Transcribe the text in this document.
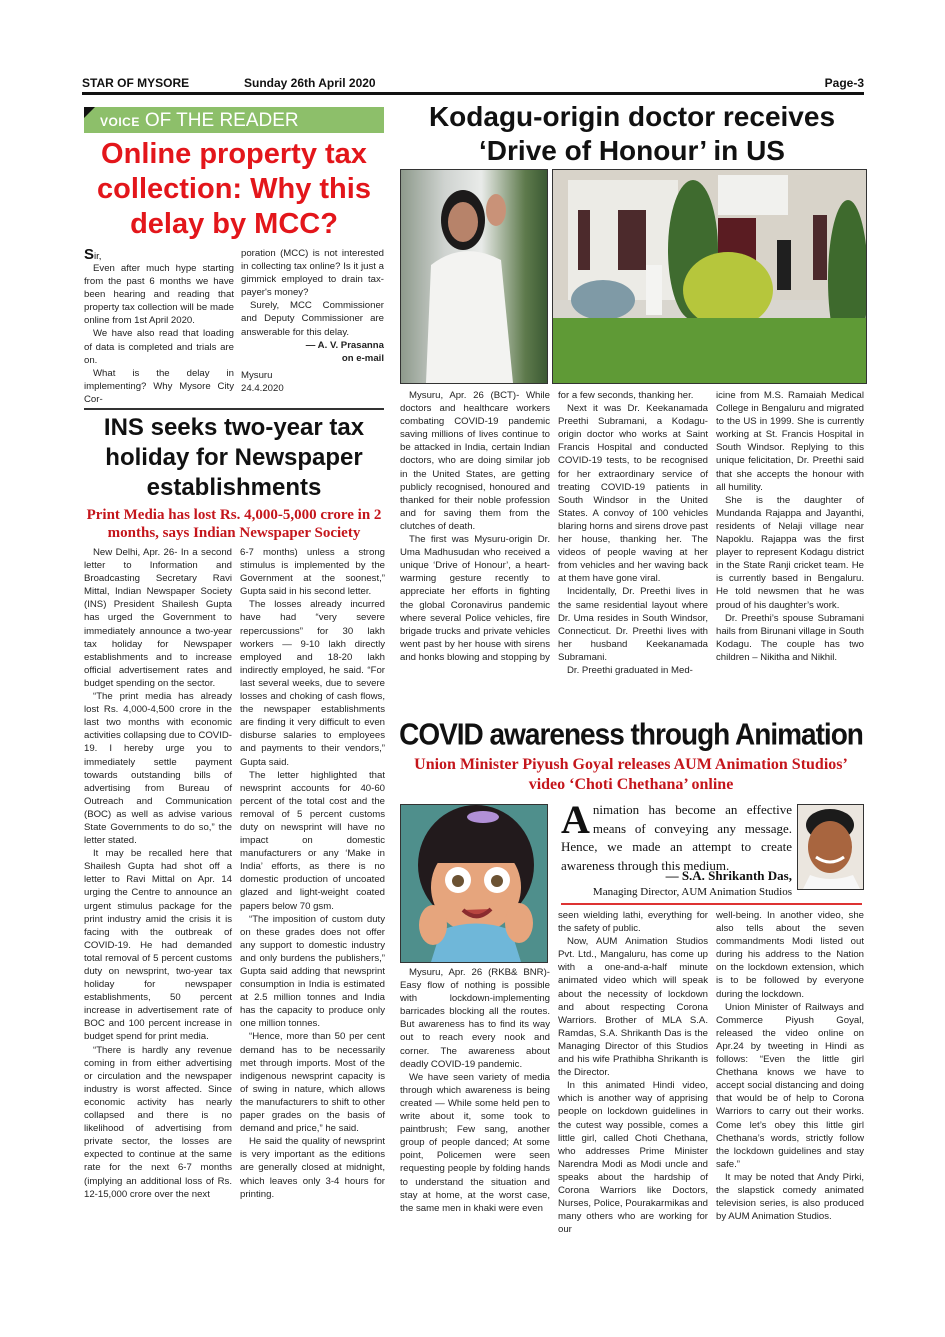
STAR OF MYSORE	Sunday 26th April 2020	Page-3
VOICE OF THE READER
Online property tax collection: Why this delay by MCC?
Sir,

Even after much hype starting from the past 6 months we have been hearing and reading that property tax collection will be made online from 1st April 2020.

We have also read that loading of data is completed and trials are on.

What is the delay in implementing? Why Mysore City Cor-

poration (MCC) is not interested in collecting tax online? Is it just a gimmick employed to drain tax-payer's money?

Surely, MCC Commissioner and Deputy Commissioner are answerable for this delay.

— A. V. Prasanna

on e-mail

Mysuru

24.4.2020

INS seeks two-year tax holiday for Newspaper establishments
Print Media has lost Rs. 4,000-5,000 crore in 2 months, says Indian Newspaper Society

New Delhi, Apr. 26- In a second letter to Information and Broadcasting Secretary Ravi Mittal, Indian Newspaper Society (INS) President Shailesh Gupta has urged the Government to immediately announce a two-year tax holiday for Newspaper establishments and to increase official advertisement rates and budget spending on the sector.

“The print media has already lost Rs. 4,000-4,500 crore in the last two months with economic activities collapsing due to COVID-19. I hereby urge you to immediately settle payment towards outstanding bills of advertising from Bureau of Outreach and Communication (BOC) as well as advise various State Governments to do so,” the letter stated.

It may be recalled here that Shailesh Gupta had shot off a letter to Ravi Mittal on Apr. 14 urging the Centre to announce an urgent stimulus package for the print industry amid the crisis it is facing with the outbreak of COVID-19. He had demanded total removal of 5 percent customs duty on newsprint, two-year tax holiday for newspaper establishments, 50 percent increase in advertisement rate of BOC and 100 percent increase in budget spend for print media.

“There is hardly any revenue coming in from either advertising or circulation and the newspaper industry is worst affected. Since economic activity has nearly collapsed and there is no likelihood of advertising from private sector, the losses are expected to continue at the same rate for the next 6-7 months (implying an additional loss of Rs. 12-15,000 crore over the next

6-7 months) unless a strong stimulus is implemented by the Government at the soonest,” Gupta said in his second letter.

The losses already incurred have had “very severe repercussions” for 30 lakh workers — 9-10 lakh directly employed and 18-20 lakh indirectly employed, he said. “For last several weeks, due to severe losses and choking of cash flows, the newspaper establishments are finding it very difficult to even disburse salaries to employees and payments to their vendors,” Gupta said.

The letter highlighted that newsprint accounts for 40-60 percent of the total cost and the removal of 5 percent customs duty on newsprint will have no impact on domestic manufacturers or any ‘Make in India’ efforts, as there is no domestic production of uncoated glazed and light-weight coated papers below 70 gsm.

“The imposition of custom duty on these grades does not offer any support to domestic industry and only burdens the publishers,” Gupta said adding that newsprint consumption in India is estimated at 2.5 million tonnes and India has the capacity to produce only one million tonnes.

“Hence, more than 50 per cent demand has to be necessarily met through imports. Most of the indigenous newsprint capacity is of swing in nature, which allows the manufacturers to shift to other paper grades on the basis of demand and price,” he said.

He said the quality of newsprint is very important as the editions are generally closed at midnight, which leaves only 3-4 hours for printing.

Kodagu-origin doctor receives ‘Drive of Honour’ in US

Mysuru, Apr. 26 (BCT)- While doctors and healthcare workers combating COVID-19 pandemic saving millions of lives continue to be attacked in India, certain Indian doctors, who are doing similar job in the United States, are getting publicly recognised, honoured and thanked for their noble profession and for saving them from the clutches of death.

The first was Mysuru-origin Dr. Uma Madhusudan who received a unique ‘Drive of Honour’, a heart-warming gesture recently to appreciate her efforts in fighting the global Coronavirus pandemic where several Police vehicles, fire brigade trucks and private vehicles went past by her house with sirens and honks blowing and stopping by

for a few seconds, thanking her.

Next it was Dr. Keekanamada Preethi Subramani, a Kodagu-origin doctor who works at Saint Francis Hospital and conducted COVID-19 tests, to be recognised for her extraordinary service of treating COVID-19 patients in South Windsor in the United States. A convoy of 100 vehicles blaring horns and sirens drove past her house, thanking her. The videos of people waving at her from vehicles and her waving back at them have gone viral.

Incidentally, Dr. Preethi lives in the same residential layout where Dr. Uma resides in South Windsor, Connecticut. Dr. Preethi lives with her husband Keekanamada Subramani.

Dr. Preethi graduated in Med-

icine from M.S. Ramaiah Medical College in Bengaluru and migrated to the US in 1999. She is currently working at St. Francis Hospital in South Windsor. Replying to this unique felicitation, Dr. Preethi said that she accepts the honour with all humility.

She is the daughter of Mundanda Rajappa and Jayanthi, residents of Nelaji village near Napoklu. Rajappa was the first player to represent Kodagu district in the State Ranji cricket team. He is currently based in Bengaluru. He told newsmen that he was proud of his daughter’s work.

Dr. Preethi’s spouse Subramani hails from Birunani village in South Kodagu. The couple has two children – Nikitha and Nikhil.

COVID awareness through Animation
Union Minister Piyush Goyal releases AUM Animation Studios’ video ‘Choti Chethana’ online
Animation has become an effective means of conveying any message. Hence, we made an attempt to create awareness through this medium.
— S.A. Shrikanth Das,
Managing Director, AUM Animation Studios

Mysuru, Apr. 26 (RKB& BNR)- Easy flow of nothing is possible with lockdown-implementing barricades blocking all the routes. But awareness has to find its way out to reach every nook and corner. The awareness about deadly COVID-19 pandemic.

We have seen variety of media through which awareness is being created — While some held pen to write about it, some took to paintbrush; Few sang, another group of people danced; At some point, Policemen were seen requesting people by folding hands to understand the situation and stay at home, at the worst case, the same men in khaki were even

seen wielding lathi, everything for the safety of public.

Now, AUM Animation Studios Pvt. Ltd., Mangaluru, has come up with a one-and-a-half minute animated video which will speak about the necessity of lockdown and about respecting Corona Warriors. Brother of MLA S.A. Ramdas, S.A. Shrikanth Das is the Managing Director of this Studios and his wife Prathibha Shrikanth is the Director.

In this animated Hindi video, which is another way of apprising people on lockdown guidelines in the cutest way possible, comes a little girl, called Choti Chethana, who addresses Prime Minister Narendra Modi as Modi uncle and speaks about the hardship of Corona Warriors like Doctors, Nurses, Police, Pourakarmikas and many others who are working for our

well-being. In another video, she also tells about the seven commandments Modi listed out during his address to the Nation on the lockdown extension, which is to be followed by everyone during the lockdown.

Union Minister of Railways and Commerce Piyush Goyal, released the video online on Apr.24 by tweeting in Hindi as follows: “Even the little girl Chethana knows we have to accept social distancing and doing that would be of help to Corona Warriors to carry out their works. Come let’s obey this little girl Chethana’s words, strictly follow the lockdown guidelines and stay safe.”

It may be noted that Andy Pirki, the slapstick comedy animated television series, is also produced by AUM Animation Studios.
